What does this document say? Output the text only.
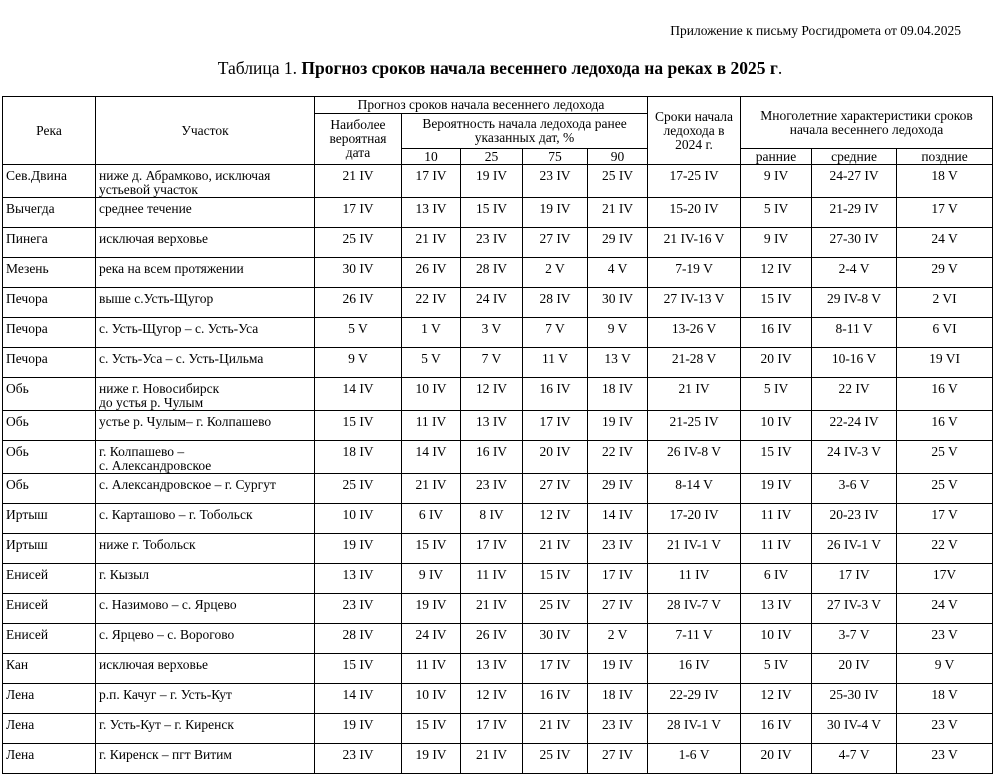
Приложение к письму Росгидромета от 09.04.2025
Таблица 1. Прогноз сроков начала весеннего ледохода на реках в 2025 г.
Река	Участок	Прогноз сроков начала весеннего ледохода					Сроки начала ледохода в 2024 г.	Многолетние характеристики сроков начала весеннего ледохода		
		Наиболее вероятная дата	Вероятность начала ледохода ранее указанных дат, %							
			10	25	75	90		ранние	средние	поздние
Сев.Двина	ниже д. Абрамково, исключая
устьевой участок	21 IV	17 IV	19 IV	23 IV	25 IV	17-25 IV	9 IV	24-27 IV	18 V
Вычегда	среднее течение	17 IV	13 IV	15 IV	19 IV	21 IV	15-20 IV	5 IV	21-29 IV	17 V
Пинега	исключая верховье	25 IV	21 IV	23 IV	27 IV	29 IV	21 IV-16 V	9 IV	27-30 IV	24 V
Мезень	река на всем протяжении	30 IV	26 IV	28 IV	2 V	4 V	7-19 V	12 IV	2-4 V	29 V
Печора	выше с.Усть-Щугор	26 IV	22 IV	24 IV	28 IV	30 IV	27 IV-13 V	15 IV	29 IV-8 V	2 VI
Печора	с. Усть-Щугор – с. Усть-Уса	5 V	1 V	3 V	7 V	9 V	13-26 V	16 IV	8-11 V	6 VI
Печора	с. Усть-Уса – с. Усть-Цильма	9 V	5 V	7 V	11 V	13 V	21-28 V	20 IV	10-16 V	19 VI
Обь	ниже г. Новосибирск
до устья р. Чулым	14 IV	10 IV	12 IV	16 IV	18 IV	21 IV	5 IV	22 IV	16 V
Обь	устье р. Чулым– г. Колпашево	15 IV	11 IV	13 IV	17 IV	19 IV	21-25 IV	10 IV	22-24 IV	16 V
Обь	г. Колпашево –
с. Александровское	18 IV	14 IV	16 IV	20 IV	22 IV	26 IV-8 V	15 IV	24 IV-3 V	25 V
Обь	с. Александровское – г. Сургут	25 IV	21 IV	23 IV	27 IV	29 IV	8-14 V	19 IV	3-6 V	25 V
Иртыш	с. Карташово – г. Тобольск	10 IV	6 IV	8 IV	12 IV	14 IV	17-20 IV	11 IV	20-23 IV	17 V
Иртыш	ниже г. Тобольск	19 IV	15 IV	17 IV	21 IV	23 IV	21 IV-1 V	11 IV	26 IV-1 V	22 V
Енисей	г. Кызыл	13 IV	9 IV	11 IV	15 IV	17 IV	11 IV	6 IV	17 IV	17V
Енисей	с. Назимово – с. Ярцево	23 IV	19 IV	21 IV	25 IV	27 IV	28 IV-7 V	13 IV	27 IV-3 V	24 V
Енисей	с. Ярцево – с. Ворогово	28 IV	24 IV	26 IV	30 IV	2 V	7-11 V	10 IV	3-7 V	23 V
Кан	исключая верховье	15 IV	11 IV	13 IV	17 IV	19 IV	16 IV	5 IV	20 IV	9 V
Лена	р.п. Качуг – г. Усть-Кут	14 IV	10 IV	12 IV	16 IV	18 IV	22-29 IV	12 IV	25-30 IV	18 V
Лена	г. Усть-Кут – г. Киренск	19 IV	15 IV	17 IV	21 IV	23 IV	28 IV-1 V	16 IV	30 IV-4 V	23 V
Лена	г. Киренск – пгт Витим	23 IV	19 IV	21 IV	25 IV	27 IV	1-6 V	20 IV	4-7 V	23 V
